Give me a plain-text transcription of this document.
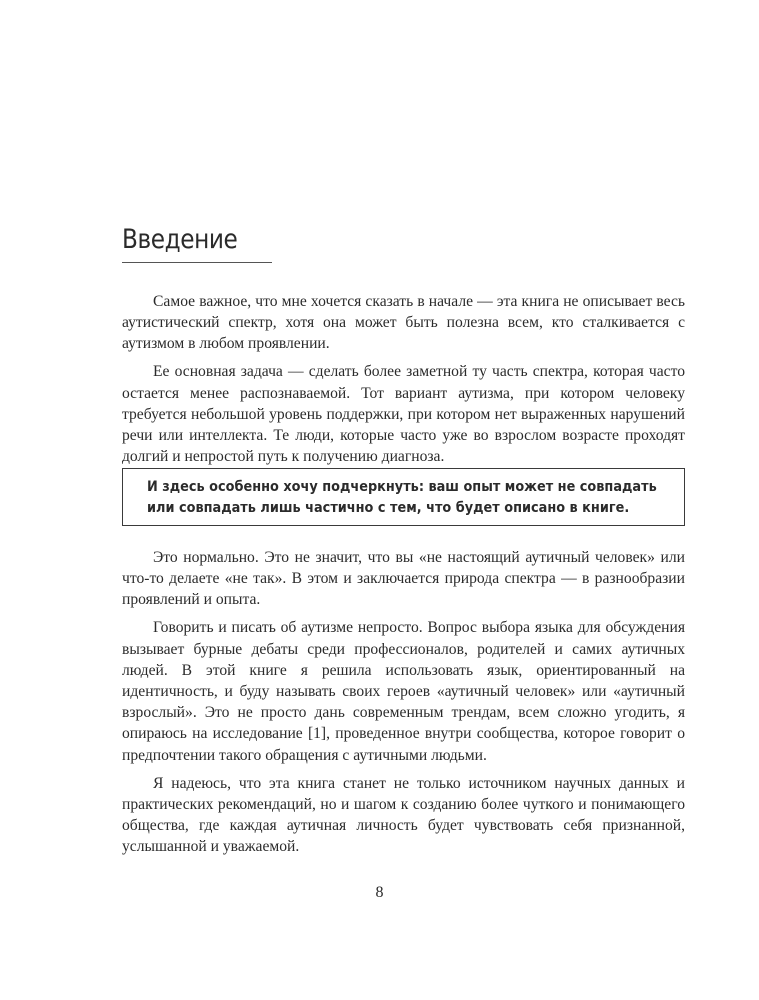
Введение

Самое важное, что мне хочется сказать в начале — эта книга не описывает весь аутистический спектр, хотя она может быть полезна всем, кто сталкивается с аутизмом в любом проявлении.

Ее основная задача — сделать более заметной ту часть спектра, которая часто остается менее распознаваемой. Тот вариант аутизма, при котором человеку требуется небольшой уровень поддержки, при котором нет выраженных нарушений речи или интеллекта. Те люди, которые часто уже во взрослом возрасте проходят долгий и непростой путь к получению диагноза.

И здесь особенно хочу подчеркнуть: ваш опыт может не совпадать или совпадать лишь частично с тем, что будет описано в книге.

Это нормально. Это не значит, что вы «не настоящий аутичный человек» или что-то делаете «не так». В этом и заключается природа спектра — в разнообразии проявлений и опыта.

Говорить и писать об аутизме непросто. Вопрос выбора языка для обсуждения вызывает бурные дебаты среди профессионалов, родителей и самих аутичных людей. В этой книге я решила использовать язык, ориентированный на идентичность, и буду называть своих героев «аутичный человек» или «аутичный взрослый». Это не просто дань современным трендам, всем сложно угодить, я опираюсь на исследование [1], проведенное внутри сообщества, которое говорит о предпочтении такого обращения с аутичными людьми.

Я надеюсь, что эта книга станет не только источником научных данных и практических рекомендаций, но и шагом к созданию более чуткого и понимающего общества, где каждая аутичная личность будет чувствовать себя признанной, услышанной и уважаемой.

8
